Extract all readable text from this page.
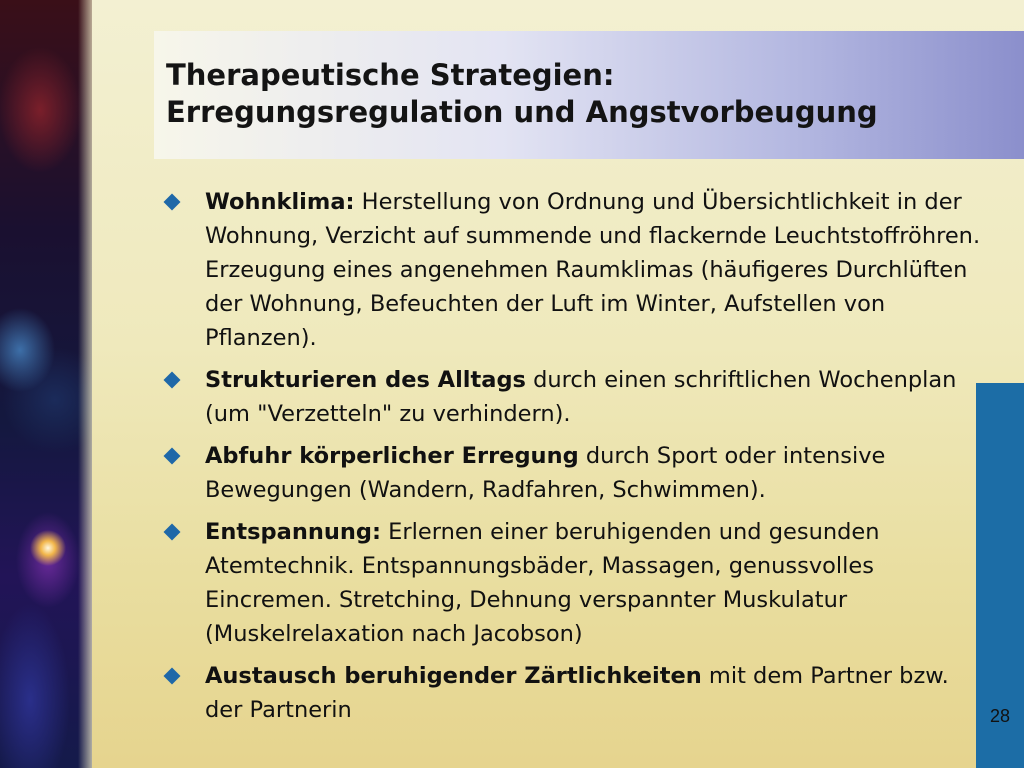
Therapeutische Strategien:
Erregungsregulation und Angstvorbeugung
Wohnklima: Herstellung von Ordnung und Übersichtlichkeit in der Wohnung, Verzicht auf summende und flackernde Leuchtstoffröhren. Erzeugung eines angenehmen Raumklimas (häufigeres Durchlüften der Wohnung, Befeuchten der Luft im Winter, Aufstellen von Pflanzen).
Strukturieren des Alltags durch einen schriftlichen Wochenplan (um "Verzetteln" zu verhindern).
Abfuhr körperlicher Erregung durch Sport oder intensive Bewegungen (Wandern, Radfahren, Schwimmen).
Entspannung: Erlernen einer beruhigenden und gesunden Atemtechnik. Entspannungsbäder, Massagen, genussvolles Eincremen. Stretching, Dehnung verspannter Muskulatur (Muskelrelaxation nach Jacobson)
Austausch beruhigender Zärtlichkeiten mit dem Partner bzw. der Partnerin	28
